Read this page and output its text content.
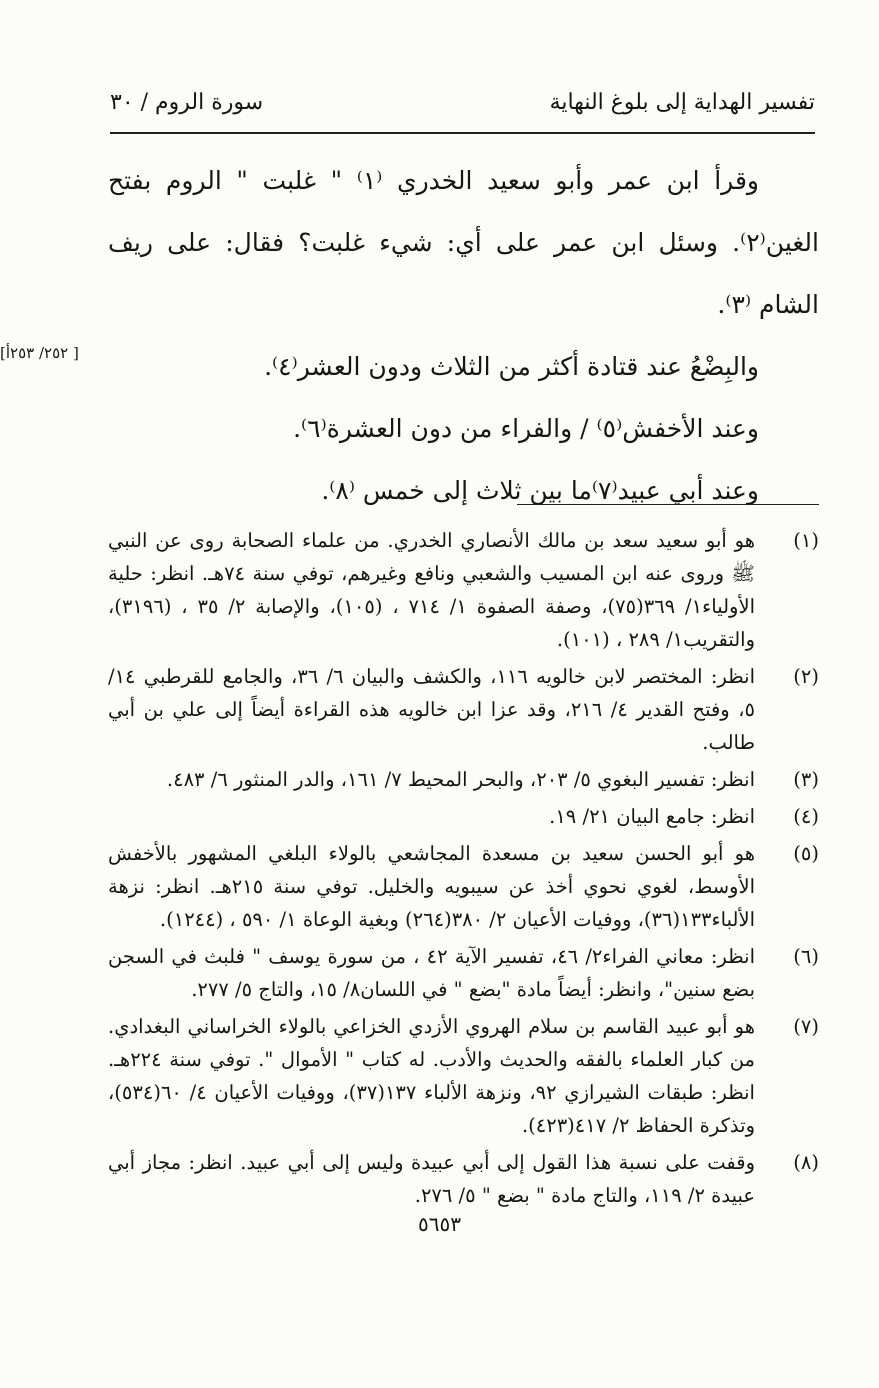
تفسير الهداية إلى بلوغ النهاية
سورة الروم / ٣٠
[ ٢٥٢/ ٢٥٣أ]

وقرأ ابن عمر وأبو سعيد الخدري ⁽١⁾ " غلبت " الروم بفتح الغين⁽٢⁾. وسئل ابن عمر على أي: شيء غلبت؟ فقال: على ريف الشام ⁽٣⁾.

والبِضْعُ عند قتادة أكثر من الثلاث ودون العشر⁽٤⁾.

وعند الأخفش⁽٥⁾ / والفراء من دون العشرة⁽٦⁾.

وعند أبي عبيد⁽٧⁾ما بين ثلاث إلى خمس ⁽٨⁾.

(١)
هو أبو سعيد سعد بن مالك الأنصاري الخدري. من علماء الصحابة روى عن النبي ﷺ وروى عنه ابن المسيب والشعبي ونافع وغيرهم، توفي سنة ٧٤هـ. انظر: حلية الأولياء١/ ٣٦٩(٧٥)، وصفة الصفوة ١/ ٧١٤ ، (١٠٥)، والإصابة ٢/ ٣٥ ، (٣١٩٦)، والتقريب١/ ٢٨٩ ، (١٠١).
(٢)
انظر: المختصر لابن خالويه ١١٦، والكشف والبيان ٦/ ٣٦، والجامع للقرطبي ١٤/ ٥، وفتح القدير ٤/ ٢١٦، وقد عزا ابن خالويه هذه القراءة أيضاً إلى علي بن أبي طالب.
(٣)
انظر: تفسير البغوي ٥/ ٢٠٣، والبحر المحيط ٧/ ١٦١، والدر المنثور ٦/ ٤٨٣.
(٤)
انظر: جامع البيان ٢١/ ١٩.
(٥)
هو أبو الحسن سعيد بن مسعدة المجاشعي بالولاء البلغي المشهور بالأخفش الأوسط، لغوي نحوي أخذ عن سيبويه والخليل. توفي سنة ٢١٥هـ. انظر: نزهة الألباء١٣٣(٣٦)، ووفيات الأعيان ٢/ ٣٨٠(٢٦٤) وبغية الوعاة ١/ ٥٩٠ ، (١٢٤٤).
(٦)
انظر: معاني الفراء٢/ ٤٦، تفسير الآية ٤٢ ، من سورة يوسف " فلبث في السجن بضع سنين"، وانظر: أيضاً مادة "بضع " في اللسان٨/ ١٥، والتاج ٥/ ٢٧٧.
(٧)
هو أبو عبيد القاسم بن سلام الهروي الأزدي الخزاعي بالولاء الخراساني البغدادي. من كبار العلماء بالفقه والحديث والأدب. له كتاب " الأموال ". توفي سنة ٢٢٤هـ. انظر: طبقات الشيرازي ٩٢، ونزهة الألباء ١٣٧(٣٧)، ووفيات الأعيان ٤/ ٦٠(٥٣٤)، وتذكرة الحفاظ ٢/ ٤١٧(٤٢٣).
(٨)
وقفت على نسبة هذا القول إلى أبي عبيدة وليس إلى أبي عبيد. انظر: مجاز أبي عبيدة ٢/ ١١٩، والتاج مادة " بضع " ٥/ ٢٧٦.
٥٦٥٣
